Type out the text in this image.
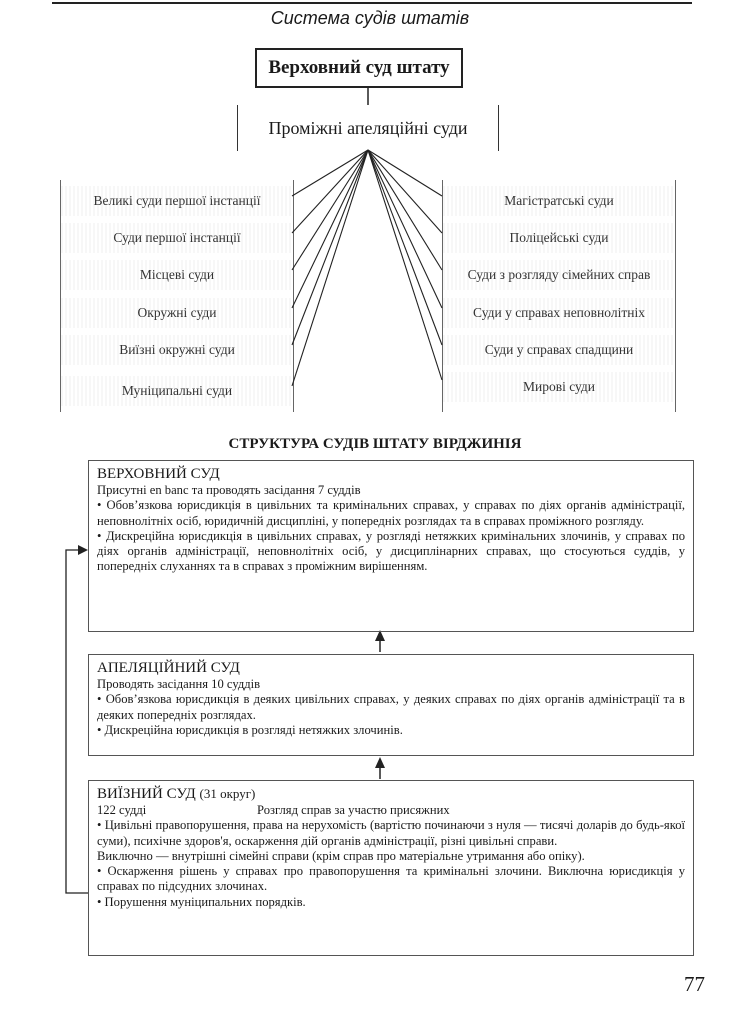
Система судів штатів
Верховний суд штату
Проміжні апеляційні суди
Великі суди першої інстанції
Суди першої інстанції
Місцеві суди
Окружні суди
Виїзні окружні суди
Муніципальні суди
Магістратські суди
Поліцейські суди
Суди з розгляду сімейних справ
Суди у справах неповнолітніх
Суди у справах спадщини
Мирові суди
СТРУКТУРА СУДІВ ШТАТУ ВІРДЖИНІЯ
ВЕРХОВНИЙ СУД

Присутні en banc та проводять засідання 7 суддів

• Обов’язкова юрисдикція в цивільних та кримінальних справах, у справах по діях органів адміністрації, неповнолітніх осіб, юридичній дисципліні, у попередніх розглядах та в справах проміжного розгляду.

• Дискреційна юрисдикція в цивільних справах, у розгляді нетяжких кримінальних злочинів, у справах по діях органів адміністрації, неповнолітніх осіб, у дисциплінарних справах, що стосуються суддів, у попередніх слуханнях та в справах з проміжним вирішенням.

АПЕЛЯЦІЙНИЙ СУД

Проводять засідання 10 суддів

• Обов’язкова юрисдикція в деяких цивільних справах, у деяких справах по діях органів адміністрації та в деяких попередніх розглядах.

• Дискреційна юрисдикція в розгляді нетяжких злочинів.

ВИЇЗНИЙ СУД (31 округ)

122 судді	Розгляд справ за участю присяжних

• Цивільні правопорушення, права на нерухомість (вартістю починаючи з нуля — тисячі доларів до будь-якої суми), психічне здоров'я, оскарження дій органів адміністрації, різні цивільні справи.

Виключно — внутрішні сімейні справи (крім справ про матеріальне утримання або опіку).

• Оскарження рішень у справах про правопорушення та кримінальні злочини. Виключна юрисдикція у справах по підсудних злочинах.

• Порушення муніципальних порядків.

77
